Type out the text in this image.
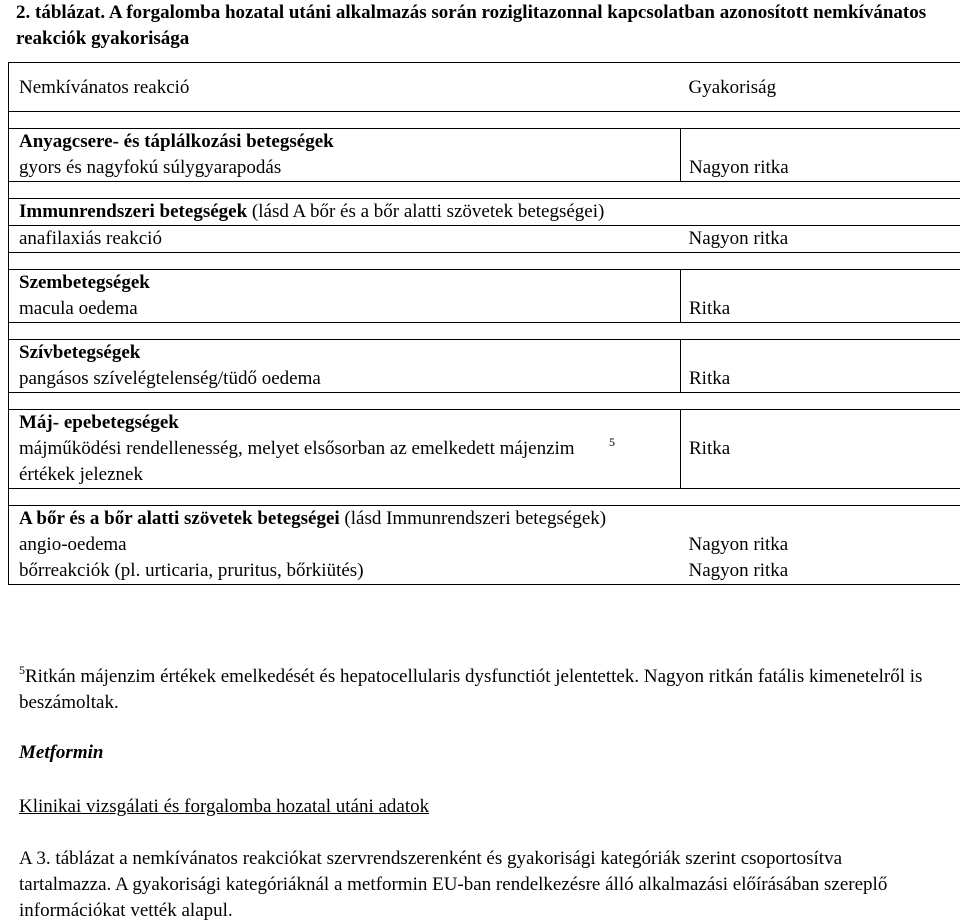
2. táblázat. A forgalomba hozatal utáni alkalmazás során roziglitazonnal kapcsolatban azonosított nemkívánatos reakciók gyakorisága
Nemkívánatos reakció	Gyakoriság

Anyagcsere- és táplálkozási betegségek
gyors és nagyfokú súlygyarapodás	Nagyon ritka

Immunrendszeri betegségek (lásd A bőr és a bőr alatti szövetek betegségei)	
anafilaxiás reakció	Nagyon ritka

Szembetegségek
macula oedema	Ritka

Szívbetegségek
pangásos szívelégtelenség/tüdő oedema	Ritka

Máj- epebetegségek
májműködési rendellenesség, melyet elsősorban az emelkedett májenzim értékek jeleznek$^5$	Ritka

A bőr és a bőr alatti szövetek betegségei (lásd Immunrendszeri betegségek)	
angio-oedema	Nagyon ritka
bőrreakciók (pl. urticaria, pruritus, bőrkiütés)	Nagyon ritka
$^5$Ritkán májenzim értékek emelkedését és hepatocellularis dysfunctiót jelentettek. Nagyon ritkán fatális kimenetelről is beszámoltak.
Metformin
Klinikai vizsgálati és forgalomba hozatal utáni adatok
A 3. táblázat a nemkívánatos reakciókat szervrendszerenként és gyakorisági kategóriák szerint csoportosítva tartalmazza. A gyakorisági kategóriáknál a metformin EU-ban rendelkezésre álló alkalmazási előírásában szereplő információkat vették alapul.
